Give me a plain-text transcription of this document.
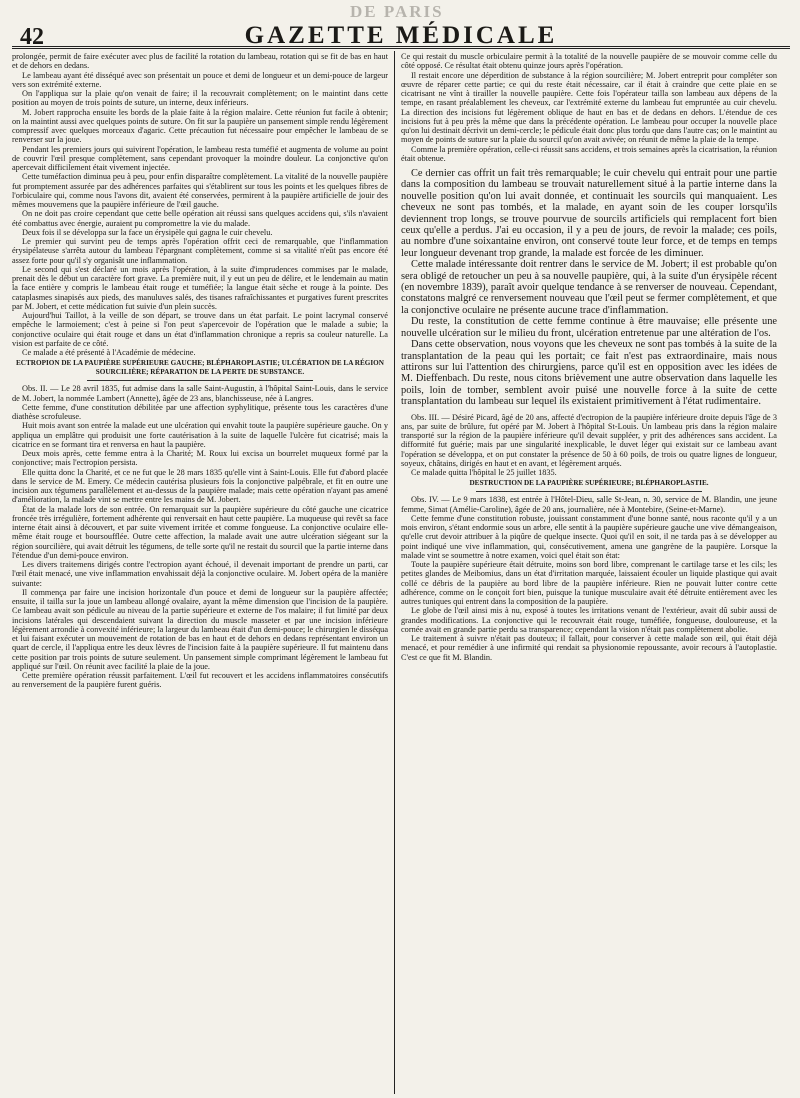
42
DE PARIS
GAZETTE MÉDICALE

prolongée, permit de faire exécuter avec plus de facilité la rotation du lambeau, rotation qui se fit de bas en haut et de dehors en dedans.

Le lambeau ayant été disséqué avec son présentait un pouce et demi de longueur et un demi-pouce de largeur vers son extrémité externe.

On l'appliqua sur la plaie qu'on venait de faire; il la recouvrait complètement; on le maintint dans cette position au moyen de trois points de suture, un interne, deux inférieurs.

M. Jobert rapprocha ensuite les bords de la plaie faite à la région malaire. Cette réunion fut facile à obtenir; on la maintint aussi avec quelques points de suture. On fit sur la paupière un pansement simple rendu légèrement compressif avec quelques morceaux d'agaric. Cette précaution fut nécessaire pour empêcher le lambeau de se renverser sur la joue.

Pendant les premiers jours qui suivirent l'opération, le lambeau resta tuméfié et augmenta de volume au point de couvrir l'œil presque complètement, sans cependant provoquer la moindre douleur. La conjonctive qu'on apercevait difficilement était vivement injectée.

Cette tuméfaction diminua peu à peu, pour enfin disparaître complètement. La vitalité de la nouvelle paupière fut promptement assurée par des adhérences parfaites qui s'établirent sur tous les points et les quelques fibres de l'orbiculaire qui, comme nous l'avons dit, avaient été conservées, permirent à la paupière artificielle de jouir des mêmes mouvemens que la paupière inférieure de l'œil gauche.

On ne doit pas croire cependant que cette belle opération ait réussi sans quelques accidens qui, s'ils n'avaient été combattus avec énergie, auraient pu compromettre la vie du malade.

Deux fois il se développa sur la face un érysipèle qui gagna le cuir chevelu.

Le premier qui survint peu de temps après l'opération offrit ceci de remarquable, que l'inflammation érysipélateuse s'arrêta autour du lambeau l'épargnant complètement, comme si sa vitalité n'eût pas encore été assez forte pour qu'il s'y organisât une inflammation.

Le second qui s'est déclaré un mois après l'opération, à la suite d'imprudences commises par le malade, prenait dès le début un caractère fort grave. La première nuit, il y eut un peu de délire, et le lendemain au matin la face entière y compris le lambeau était rouge et tuméfiée; la langue était sèche et rouge à la pointe. Des cataplasmes sinapisés aux pieds, des manuluves salés, des tisanes rafraîchissantes et purgatives furent prescrites par M. Jobert, et cette médication fut suivie d'un plein succès.

Aujourd'hui Taillot, à la veille de son départ, se trouve dans un état parfait. Le point lacrymal conservé empêche le larmoiement; c'est à peine si l'on peut s'apercevoir de l'opération que le malade a subie; la conjonctive oculaire qui était rouge et dans un état d'inflammation chronique a repris sa couleur naturelle. La vision est parfaite de ce côté.

Ce malade a été présenté à l'Académie de médecine.

ECTROPION DE LA PAUPIÈRE SUPÉRIEURE GAUCHE; BLÉPHAROPLASTIE; ULCÉRATION DE LA RÉGION SOURCILIÈRE; RÉPARATION DE LA PERTE DE SUBSTANCE.

Obs. II. — Le 28 avril 1835, fut admise dans la salle Saint-Augustin, à l'hôpital Saint-Louis, dans le service de M. Jobert, la nommée Lambert (Annette), âgée de 23 ans, blanchisseuse, née à Langres.

Cette femme, d'une constitution débilitée par une affection syphylitique, présente tous les caractères d'une diathèse scrofuleuse.

Huit mois avant son entrée la malade eut une ulcération qui envahit toute la paupière supérieure gauche. On y appliqua un emplâtre qui produisit une forte cautérisation à la suite de laquelle l'ulcère fut cicatrisé; mais la cicatrice en se formant tira et renversa en haut la paupière.

Deux mois après, cette femme entra à la Charité; M. Roux lui excisa un bourrelet muqueux formé par la conjonctive; mais l'ectropion persista.

Elle quitta donc la Charité, et ce ne fut que le 28 mars 1835 qu'elle vint à Saint-Louis. Elle fut d'abord placée dans le service de M. Emery. Ce médecin cautérisa plusieurs fois la conjonctive palpébrale, et fit en outre une incision aux tégumens parallèlement et au-dessus de la paupière malade; mais cette opération n'ayant pas amené d'amélioration, la malade vint se mettre entre les mains de M. Jobert.

État de la malade lors de son entrée. On remarquait sur la paupière supérieure du côté gauche une cicatrice froncée très irrégulière, fortement adhérente qui renversait en haut cette paupière. La muqueuse qui revêt sa face interne était ainsi à découvert, et par suite vivement irritée et comme fongueuse. La conjonctive oculaire elle-même était rouge et boursoufflée. Outre cette affection, la malade avait une autre ulcération siégeant sur la région sourcilière, qui avait détruit les tégumens, de telle sorte qu'il ne restait du sourcil que la partie interne dans l'étendue d'un demi-pouce environ.

Les divers traitemens dirigés contre l'ectropion ayant échoué, il devenait important de prendre un parti, car l'œil était menacé, une vive inflammation envahissait déjà la conjonctive oculaire. M. Jobert opéra de la manière suivante:

Il commença par faire une incision horizontale d'un pouce et demi de longueur sur la paupière affectée; ensuite, il tailla sur la joue un lambeau allongé ovalaire, ayant la même dimension que l'incision de la paupière. Ce lambeau avait son pédicule au niveau de la partie supérieure et externe de l'os malaire; il fut limité par deux incisions latérales qui descendaient suivant la direction du muscle masseter et par une incision inférieure légèrement arrondie à convexité inférieure; la largeur du lambeau était d'un demi-pouce; le chirurgien le disséqua et lui faisant exécuter un mouvement de rotation de bas en haut et de dehors en dedans représentant environ un quart de cercle, il l'appliqua entre les deux lèvres de l'incision faite à la paupière supérieure. Il fut maintenu dans cette position par trois points de suture seulement. Un pansement simple comprimant légèrement le lambeau fut appliqué sur l'œil. On réunit avec facilité la plaie de la joue.

Cette première opération réussit parfaitement. L'œil fut recouvert et les accidens inflammatoires consécutifs au renversement de la paupière furent guéris.

Ce qui restait du muscle orbiculaire permit à la totalité de la nouvelle paupière de se mouvoir comme celle du côté opposé. Ce résultat était obtenu quinze jours après l'opération.

Il restait encore une déperdition de substance à la région sourcilière; M. Jobert entreprit pour compléter son œuvre de réparer cette partie; ce qui du reste était nécessaire, car il était à craindre que cette plaie en se cicatrisant ne vînt à tirailler la nouvelle paupière. Cette fois l'opérateur tailla son lambeau aux dépens de la tempe, en rasant préalablement les cheveux, car l'extrémité externe du lambeau fut empruntée au cuir chevelu. La direction des incisions fut légèrement oblique de haut en bas et de dedans en dehors. L'étendue de ces incisions fut à peu près la même que dans la précédente opération. Le lambeau pour occuper la nouvelle place qu'on lui destinait décrivit un demi-cercle; le pédicule était donc plus tordu que dans l'autre cas; on le maintint au moyen de points de suture sur la plaie du sourcil qu'on avait avivée; on réunit de même la plaie de la tempe.

Comme la première opération, celle-ci réussit sans accidens, et trois semaines après la cicatrisation, la réunion était obtenue.

Ce dernier cas offrit un fait très remarquable; le cuir chevelu qui entrait pour une partie dans la composition du lambeau se trouvait naturellement situé à la partie interne dans la nouvelle position qu'on lui avait donnée, et continuait les sourcils qui manquaient. Les cheveux ne sont pas tombés, et la malade, en ayant soin de les couper lorsqu'ils deviennent trop longs, se trouve pourvue de sourcils artificiels qui remplacent fort bien ceux qu'elle a perdus. J'ai eu occasion, il y a peu de jours, de revoir la malade; ces poils, au nombre d'une soixantaine environ, ont conservé toute leur force, et de temps en temps leur longueur devenant trop grande, la malade est forcée de les diminuer.

Cette malade intéressante doit rentrer dans le service de M. Jobert; il est probable qu'on sera obligé de retoucher un peu à sa nouvelle paupière, qui, à la suite d'un érysipèle récent (en novembre 1839), paraît avoir quelque tendance à se renverser de nouveau. Cependant, constatons malgré ce renversement nouveau que l'œil peut se fermer complètement, et que la conjonctive oculaire ne présente aucune trace d'inflammation.

Du reste, la constitution de cette femme continue à être mauvaise; elle présente une nouvelle ulcération sur le milieu du front, ulcération entretenue par une altération de l'os.

Dans cette observation, nous voyons que les cheveux ne sont pas tombés à la suite de la transplantation de la peau qui les portait; ce fait n'est pas extraordinaire, mais nous attirons sur lui l'attention des chirurgiens, parce qu'il est en opposition avec les idées de M. Dieffenbach. Du reste, nous citons brièvement une autre observation dans laquelle les poils, loin de tomber, semblent avoir puisé une nouvelle force à la suite de cette transplantation du lambeau sur lequel ils existaient primitivement à l'état rudimentaire.

Obs. III. — Désiré Picard, âgé de 20 ans, affecté d'ectropion de la paupière inférieure droite depuis l'âge de 3 ans, par suite de brûlure, fut opéré par M. Jobert à l'hôpital St-Louis. Un lambeau pris dans la région malaire transporté sur la région de la paupière inférieure qu'il devait suppléer, y prit des adhérences sans accident. La difformité fut guérie; mais par une singularité inexplicable, le duvet léger qui existait sur ce lambeau avant l'opération se développa, et on put constater la présence de 50 à 60 poils, de trois ou quatre lignes de longueur, soyeux, châtains, dirigés en haut et en avant, et légèrement arqués.

Ce malade quitta l'hôpital le 25 juillet 1835.

DESTRUCTION DE LA PAUPIÈRE SUPÉRIEURE; BLÉPHAROPLASTIE.

Obs. IV. — Le 9 mars 1838, est entrée à l'Hôtel-Dieu, salle St-Jean, n. 30, service de M. Blandin, une jeune femme, Simat (Amélie-Caroline), âgée de 20 ans, journalière, née à Montebire, (Seine-et-Marne).

Cette femme d'une constitution robuste, jouissant constamment d'une bonne santé, nous raconte qu'il y a un mois environ, s'étant endormie sous un arbre, elle sentit à la paupière supérieure gauche une vive démangeaison, qu'elle crut devoir attribuer à la piqûre de quelque insecte. Quoi qu'il en soit, il ne tarda pas à se développer au point indiqué une vive inflammation, qui, consécutivement, amena une gangrène de la paupière. Lorsque la malade vint se soumettre à notre examen, voici quel était son état:

Toute la paupière supérieure était détruite, moins son bord libre, comprenant le cartilage tarse et les cils; les petites glandes de Meibomius, dans un état d'irritation marquée, laissaient écouler un liquide plastique qui avait collé ce débris de la paupière au bord libre de la paupière inférieure. Rien ne pouvait lutter contre cette adhérence, comme on le conçoit fort bien, puisque la tunique musculaire avait été détruite entièrement avec les autres tuniques qui entrent dans la composition de la paupière.

Le globe de l'œil ainsi mis à nu, exposé à toutes les irritations venant de l'extérieur, avait dû subir aussi de grandes modifications. La conjonctive qui le recouvrait était rouge, tuméfiée, fongueuse, douloureuse, et la cornée avait en grande partie perdu sa transparence; cependant la vision n'était pas complètement abolie.

Le traitement à suivre n'était pas douteux; il fallait, pour conserver à cette malade son œil, qui était déjà menacé, et pour remédier à une infirmité qui rendait sa physionomie repoussante, avoir recours à l'autoplastie. C'est ce que fit M. Blandin.
